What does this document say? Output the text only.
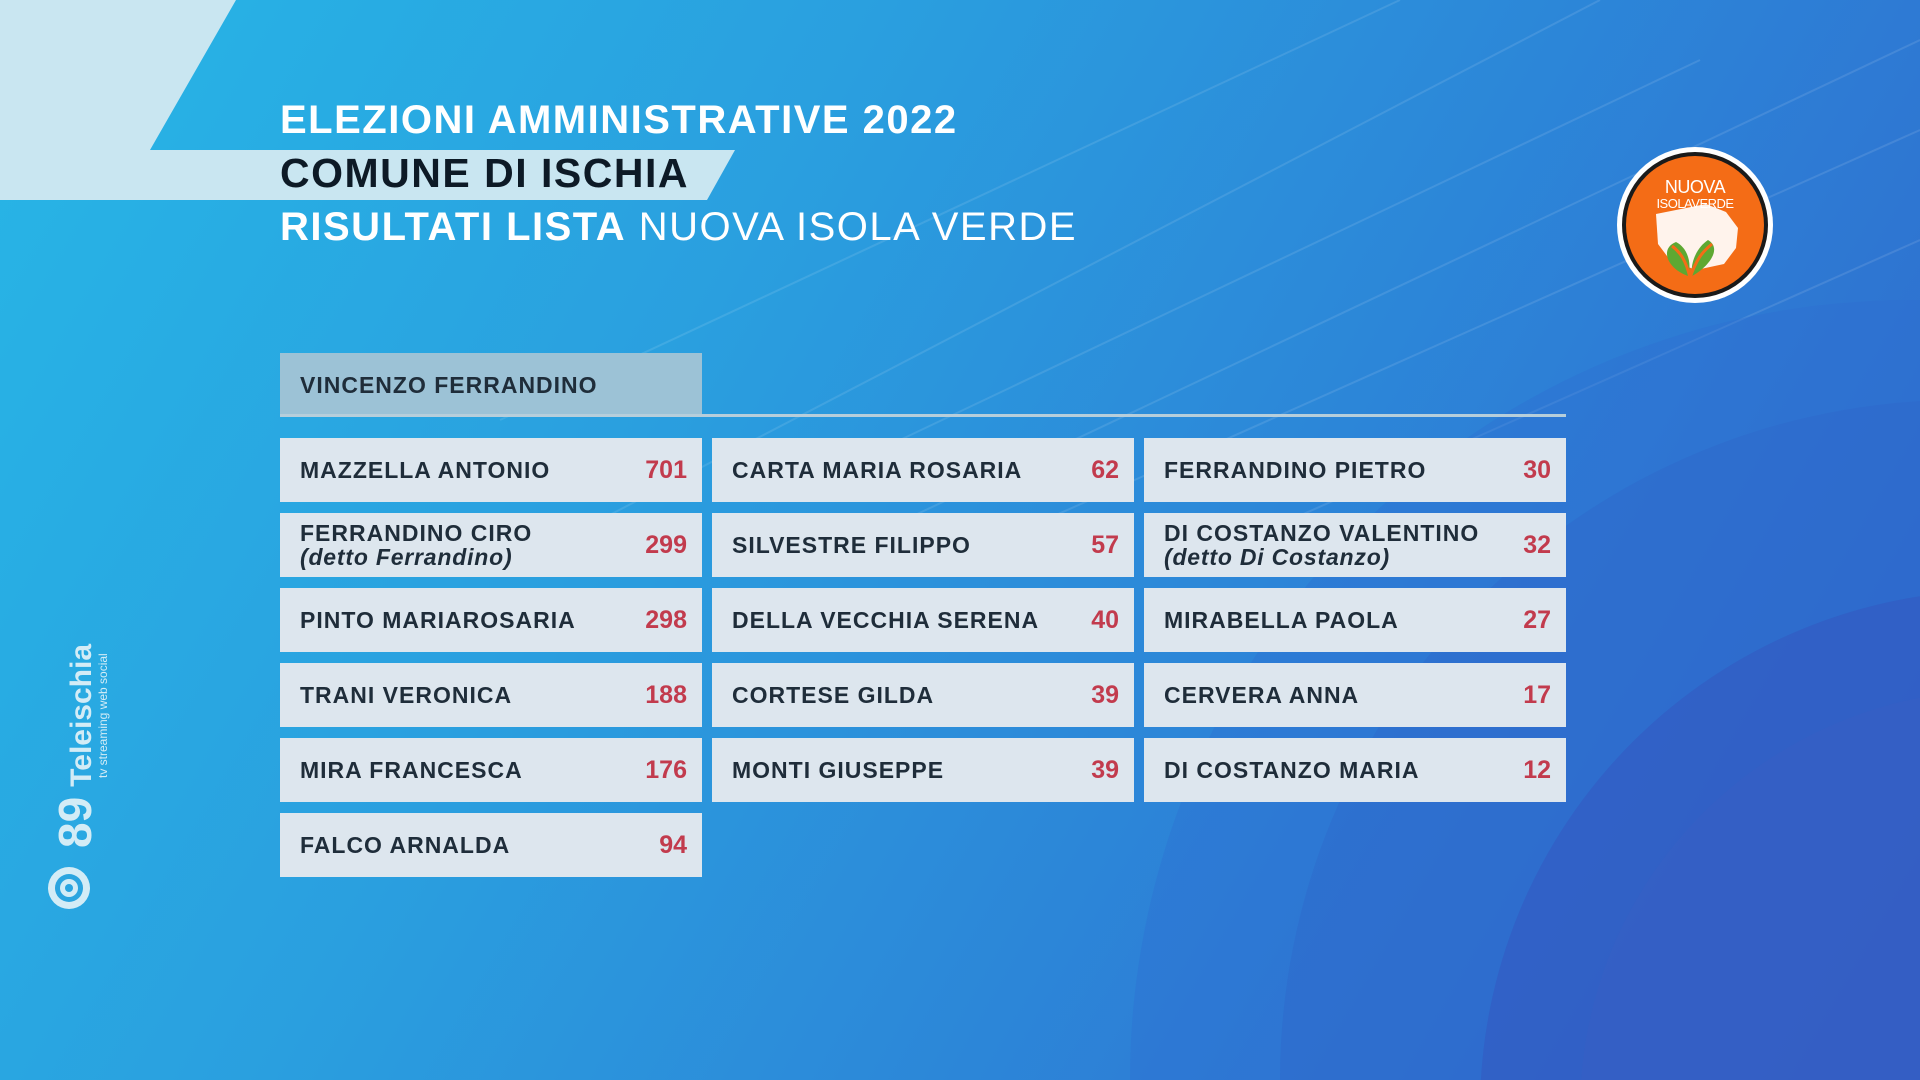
ELEZIONI AMMINISTRATIVE 2022
COMUNE DI ISCHIA
RISULTATI LISTA NUOVA ISOLA VERDE
NUOVA
ISOLAVERDE
VINCENZO FERRANDINO
MAZZELLA ANTONIO	701
FERRANDINO CIRO
(detto Ferrandino)	299
PINTO MARIAROSARIA	298
TRANI VERONICA	188
MIRA FRANCESCA	176
FALCO ARNALDA	94
CARTA MARIA ROSARIA	62
SILVESTRE FILIPPO	57
DELLA VECCHIA SERENA 40
CORTESE GILDA	39
MONTI GIUSEPPE	39
FERRANDINO PIETRO	30
DI COSTANZO VALENTINO
(detto Di Costanzo)	32
MIRABELLA PAOLA	27
CERVERA ANNA	17
DI COSTANZO MARIA	12
89Teleischia
tv streaming web social
